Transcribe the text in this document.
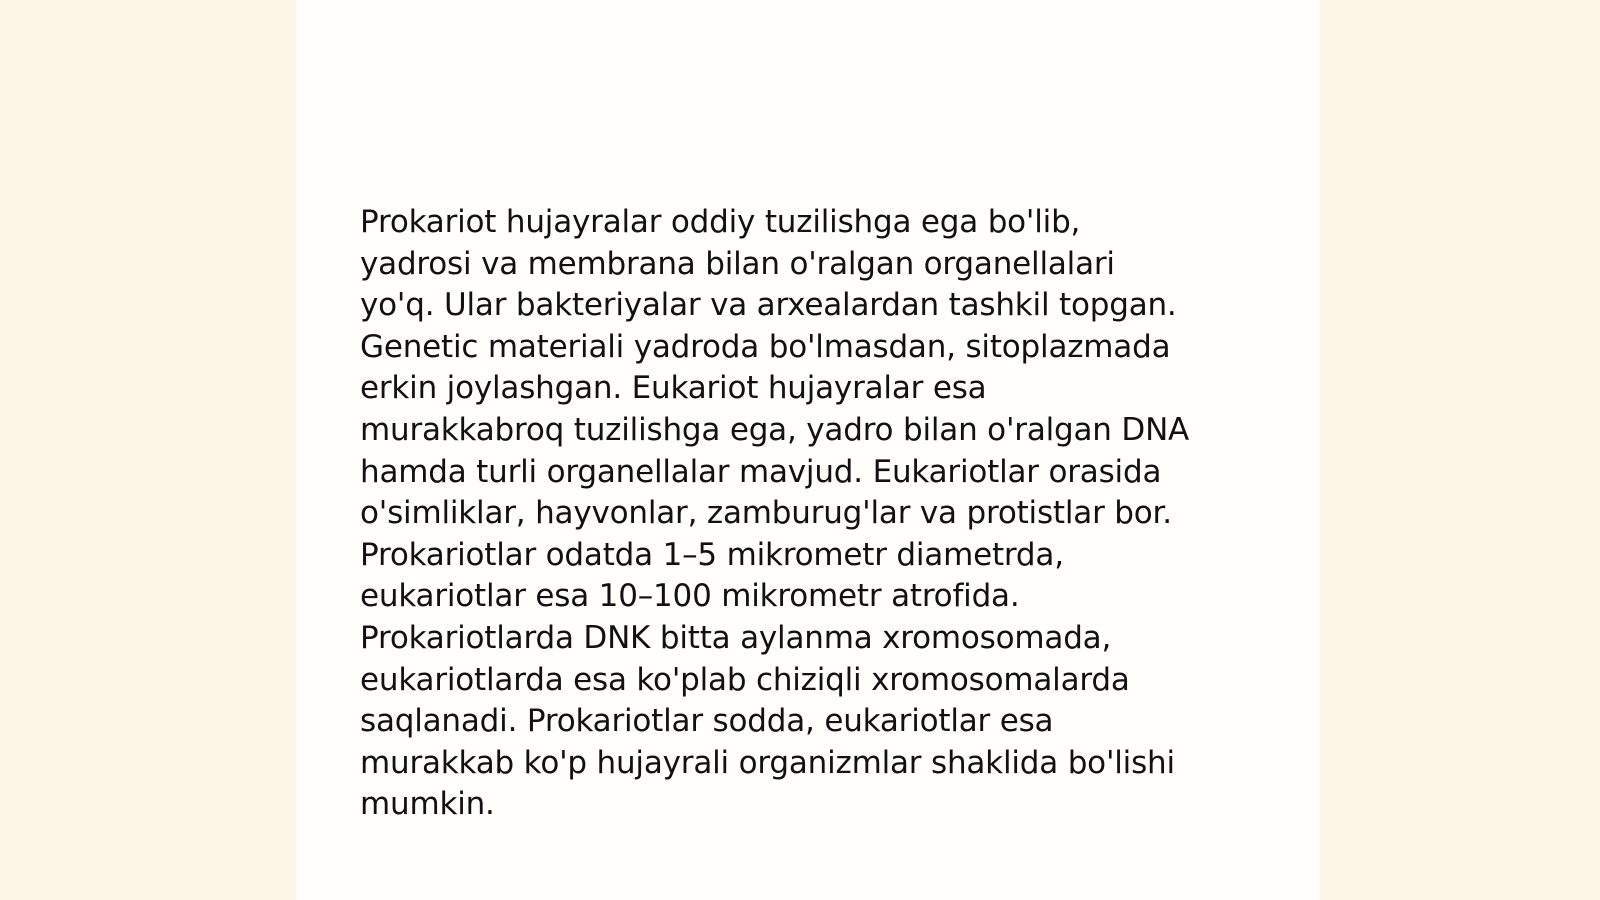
Prokariot hujayralar oddiy tuzilishga ega bo'lib,
yadrosi va membrana bilan o'ralgan organellalari
yo'q. Ular bakteriyalar va arxealardan tashkil topgan.
Genetic materiali yadroda bo'lmasdan, sitoplazmada
erkin joylashgan. Eukariot hujayralar esa
murakkabroq tuzilishga ega, yadro bilan o'ralgan DNA
hamda turli organellalar mavjud. Eukariotlar orasida
o'simliklar, hayvonlar, zamburug'lar va protistlar bor.
Prokariotlar odatda 1–5 mikrometr diametrda,
eukariotlar esa 10–100 mikrometr atrofida.
Prokariotlarda DNK bitta aylanma xromosomada,
eukariotlarda esa ko'plab chiziqli xromosomalarda
saqlanadi. Prokariotlar sodda, eukariotlar esa
murakkab ko'p hujayrali organizmlar shaklida bo'lishi
mumkin.
